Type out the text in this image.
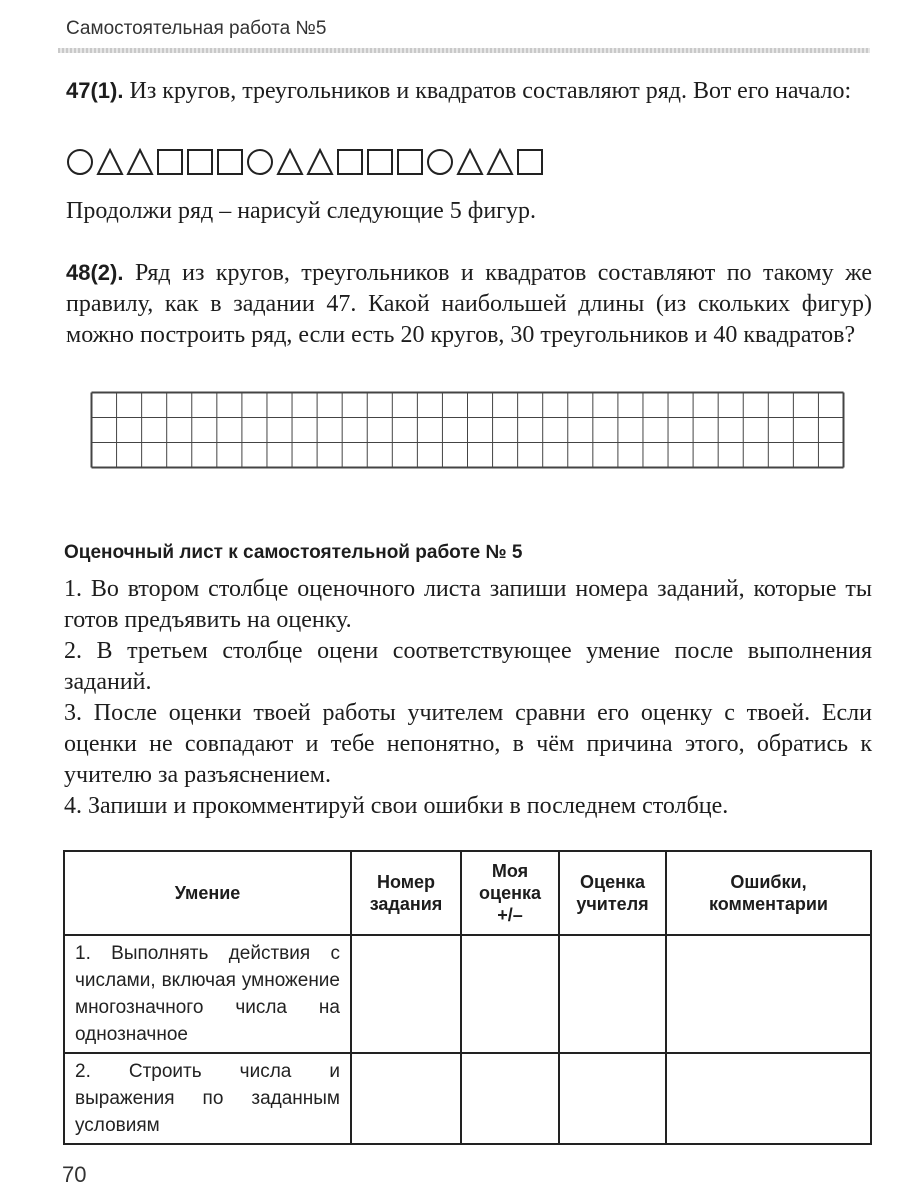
Самостоятельная работа №5
47(1). Из кругов, треугольников и квадратов составляют ряд. Вот его начало:
Продолжи ряд – нарисуй следующие 5 фигур.
48(2). Ряд из кругов, треугольников и квадратов составляют по такому же правилу, как в задании 47. Какой наибольшей длины (из скольких фигур) можно построить ряд, если есть 20 кругов, 30 треугольников и 40 квадратов?
Оценочный лист к самостоятельной работе № 5

1. Во втором столбце оценочного листа запиши номера заданий, которые ты готов предъявить на оценку.

2. В третьем столбце оцени соответствующее умение после выполнения заданий.

3. После оценки твоей работы учителем сравни его оценку с твоей. Если оценки не совпадают и тебе непонятно, в чём причина этого, обратись к учителю за разъяснением.

4. Запиши и прокомментируй свои ошибки в последнем столбце.

Умение	Номер задания	Моя оценка +/–	Оценка учителя	Ошибки, комментарии
1. Выполнять действия с числами, включая умножение многозначного числа на однозначное				
2. Строить числа и выражения по заданным условиям				
70
